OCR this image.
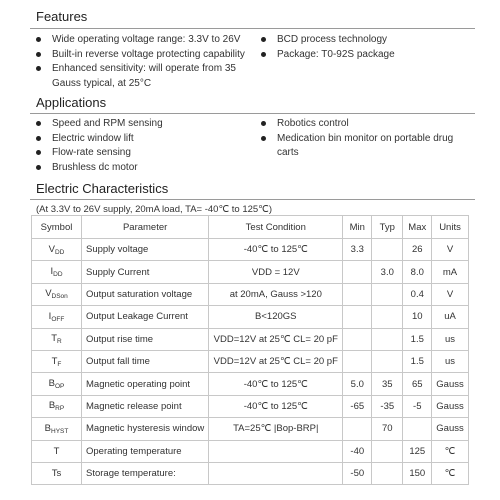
Features
Wide operating voltage range: 3.3V to 26V
Built-in reverse voltage protecting capability
Enhanced sensitivity: will operate from 35 Gauss typical, at 25°C
BCD process technology
Package: T0-92S package
Applications
Speed and RPM sensing
Electric window lift
Flow-rate sensing
Brushless dc motor
Robotics control
Medication bin monitor on portable drug carts
Electric Characteristics
(At 3.3V to 26V supply, 20mA load, TA= -40℃ to 125℃)
Symbol	Parameter	Test Condition	Min	Typ	Max	Units
$V_{DD}$	Supply voltage	-40℃ to 125℃	3.3		26	V
$I_{DD}$	Supply Current	VDD = 12V		3.0	8.0	mA
$V_{DSon}$	Output saturation voltage	at 20mA, Gauss >120			0.4	V
$I_{OFF}$	Output Leakage Current	B<120GS			10	uA
$T_R$	Output rise time	VDD=12V at 25℃ CL= 20 pF			1.5	us
$T_F$	Output fall time	VDD=12V at 25℃ CL= 20 pF			1.5	us
$B_{OP}$	Magnetic operating point	-40℃ to 125℃	5.0	35	65	Gauss
$B_{RP}$	Magnetic release point	-40℃ to 125℃	-65	-35	-5	Gauss
$B_{HYST}$	Magnetic hysteresis window	TA=25℃ |Bop-BRP|		70		Gauss
T	Operating temperature		-40		125	℃
Ts	Storage temperature:		-50		150	℃
